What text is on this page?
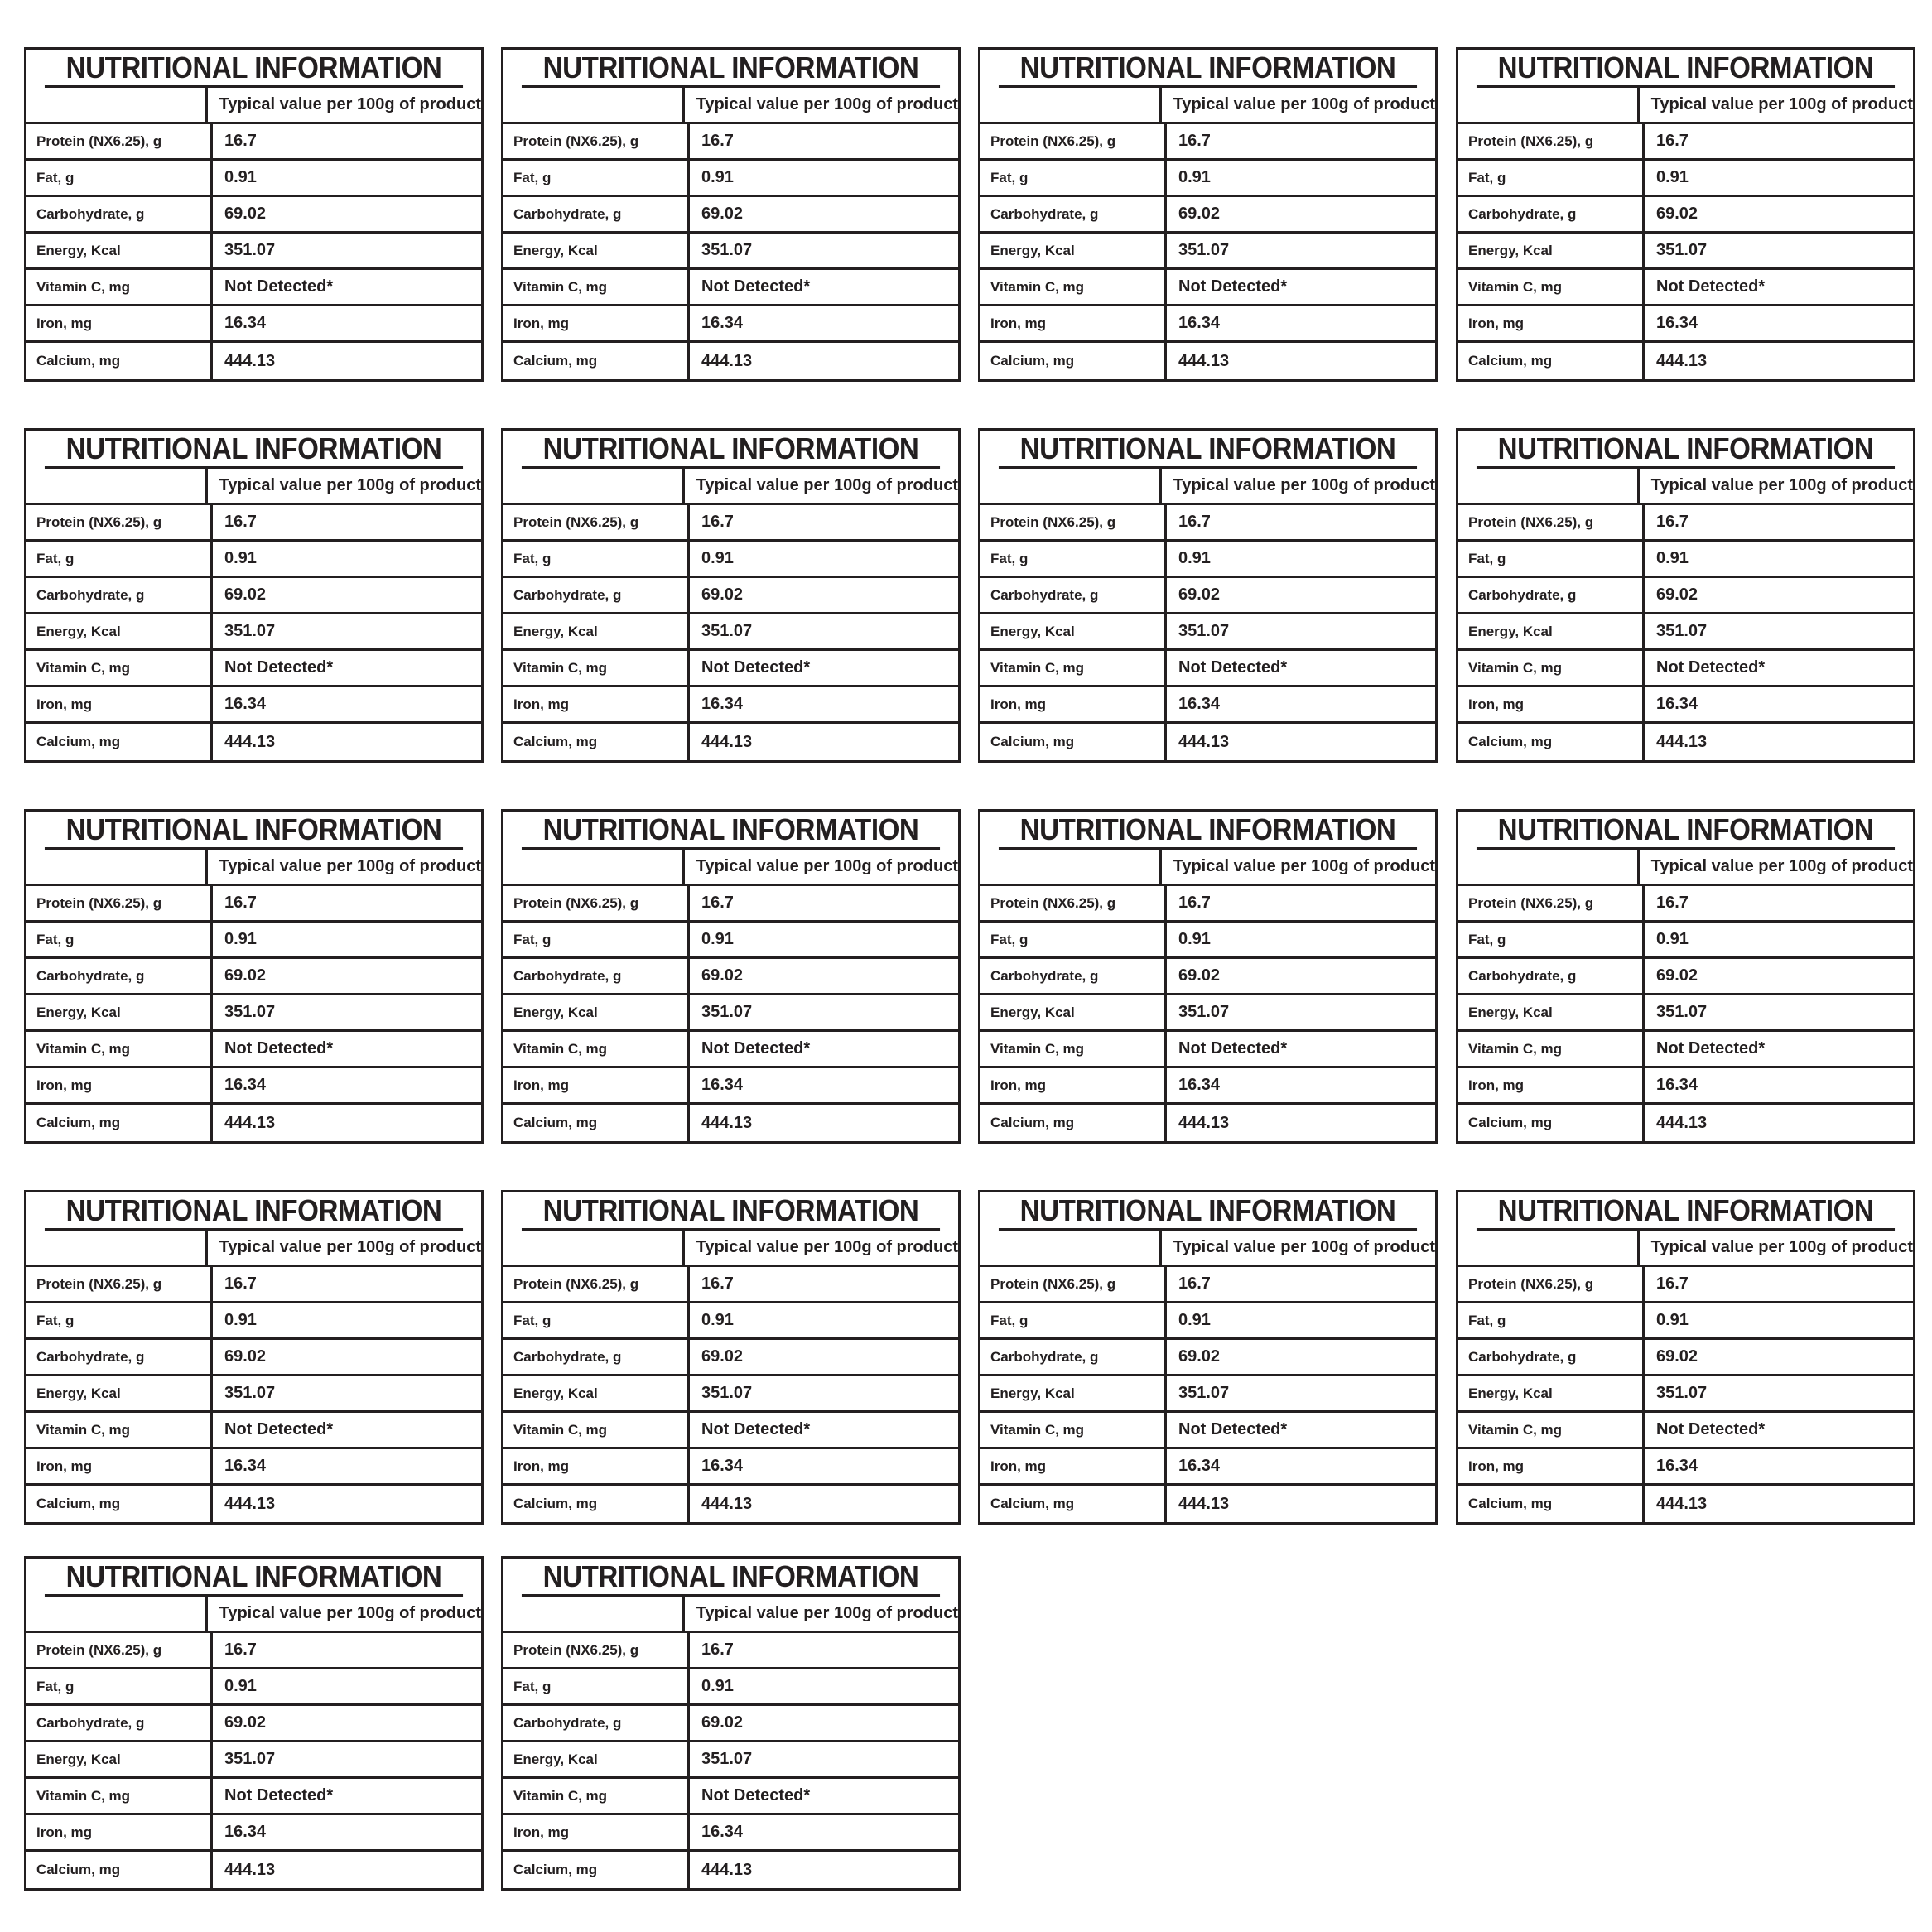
NUTRITIONAL INFORMATION
Typical value per 100g of product
Protein (NX6.25), g	16.7
Fat, g	0.91
Carbohydrate, g	69.02
Energy, Kcal	351.07
Vitamin C, mg	Not Detected*
Iron, mg	16.34
Calcium, mg	444.13
NUTRITIONAL INFORMATION
Typical value per 100g of product
Protein (NX6.25), g	16.7
Fat, g	0.91
Carbohydrate, g	69.02
Energy, Kcal	351.07
Vitamin C, mg	Not Detected*
Iron, mg	16.34
Calcium, mg	444.13
NUTRITIONAL INFORMATION
Typical value per 100g of product
Protein (NX6.25), g	16.7
Fat, g	0.91
Carbohydrate, g	69.02
Energy, Kcal	351.07
Vitamin C, mg	Not Detected*
Iron, mg	16.34
Calcium, mg	444.13
NUTRITIONAL INFORMATION
Typical value per 100g of product
Protein (NX6.25), g	16.7
Fat, g	0.91
Carbohydrate, g	69.02
Energy, Kcal	351.07
Vitamin C, mg	Not Detected*
Iron, mg	16.34
Calcium, mg	444.13
NUTRITIONAL INFORMATION
Typical value per 100g of product
Protein (NX6.25), g	16.7
Fat, g	0.91
Carbohydrate, g	69.02
Energy, Kcal	351.07
Vitamin C, mg	Not Detected*
Iron, mg	16.34
Calcium, mg	444.13
NUTRITIONAL INFORMATION
Typical value per 100g of product
Protein (NX6.25), g	16.7
Fat, g	0.91
Carbohydrate, g	69.02
Energy, Kcal	351.07
Vitamin C, mg	Not Detected*
Iron, mg	16.34
Calcium, mg	444.13
NUTRITIONAL INFORMATION
Typical value per 100g of product
Protein (NX6.25), g	16.7
Fat, g	0.91
Carbohydrate, g	69.02
Energy, Kcal	351.07
Vitamin C, mg	Not Detected*
Iron, mg	16.34
Calcium, mg	444.13
NUTRITIONAL INFORMATION
Typical value per 100g of product
Protein (NX6.25), g	16.7
Fat, g	0.91
Carbohydrate, g	69.02
Energy, Kcal	351.07
Vitamin C, mg	Not Detected*
Iron, mg	16.34
Calcium, mg	444.13
NUTRITIONAL INFORMATION
Typical value per 100g of product
Protein (NX6.25), g	16.7
Fat, g	0.91
Carbohydrate, g	69.02
Energy, Kcal	351.07
Vitamin C, mg	Not Detected*
Iron, mg	16.34
Calcium, mg	444.13
NUTRITIONAL INFORMATION
Typical value per 100g of product
Protein (NX6.25), g	16.7
Fat, g	0.91
Carbohydrate, g	69.02
Energy, Kcal	351.07
Vitamin C, mg	Not Detected*
Iron, mg	16.34
Calcium, mg	444.13
NUTRITIONAL INFORMATION
Typical value per 100g of product
Protein (NX6.25), g	16.7
Fat, g	0.91
Carbohydrate, g	69.02
Energy, Kcal	351.07
Vitamin C, mg	Not Detected*
Iron, mg	16.34
Calcium, mg	444.13
NUTRITIONAL INFORMATION
Typical value per 100g of product
Protein (NX6.25), g	16.7
Fat, g	0.91
Carbohydrate, g	69.02
Energy, Kcal	351.07
Vitamin C, mg	Not Detected*
Iron, mg	16.34
Calcium, mg	444.13
NUTRITIONAL INFORMATION
Typical value per 100g of product
Protein (NX6.25), g	16.7
Fat, g	0.91
Carbohydrate, g	69.02
Energy, Kcal	351.07
Vitamin C, mg	Not Detected*
Iron, mg	16.34
Calcium, mg	444.13
NUTRITIONAL INFORMATION
Typical value per 100g of product
Protein (NX6.25), g	16.7
Fat, g	0.91
Carbohydrate, g	69.02
Energy, Kcal	351.07
Vitamin C, mg	Not Detected*
Iron, mg	16.34
Calcium, mg	444.13
NUTRITIONAL INFORMATION
Typical value per 100g of product
Protein (NX6.25), g	16.7
Fat, g	0.91
Carbohydrate, g	69.02
Energy, Kcal	351.07
Vitamin C, mg	Not Detected*
Iron, mg	16.34
Calcium, mg	444.13
NUTRITIONAL INFORMATION
Typical value per 100g of product
Protein (NX6.25), g	16.7
Fat, g	0.91
Carbohydrate, g	69.02
Energy, Kcal	351.07
Vitamin C, mg	Not Detected*
Iron, mg	16.34
Calcium, mg	444.13
NUTRITIONAL INFORMATION
Typical value per 100g of product
Protein (NX6.25), g	16.7
Fat, g	0.91
Carbohydrate, g	69.02
Energy, Kcal	351.07
Vitamin C, mg	Not Detected*
Iron, mg	16.34
Calcium, mg	444.13
NUTRITIONAL INFORMATION
Typical value per 100g of product
Protein (NX6.25), g	16.7
Fat, g	0.91
Carbohydrate, g	69.02
Energy, Kcal	351.07
Vitamin C, mg	Not Detected*
Iron, mg	16.34
Calcium, mg	444.13
